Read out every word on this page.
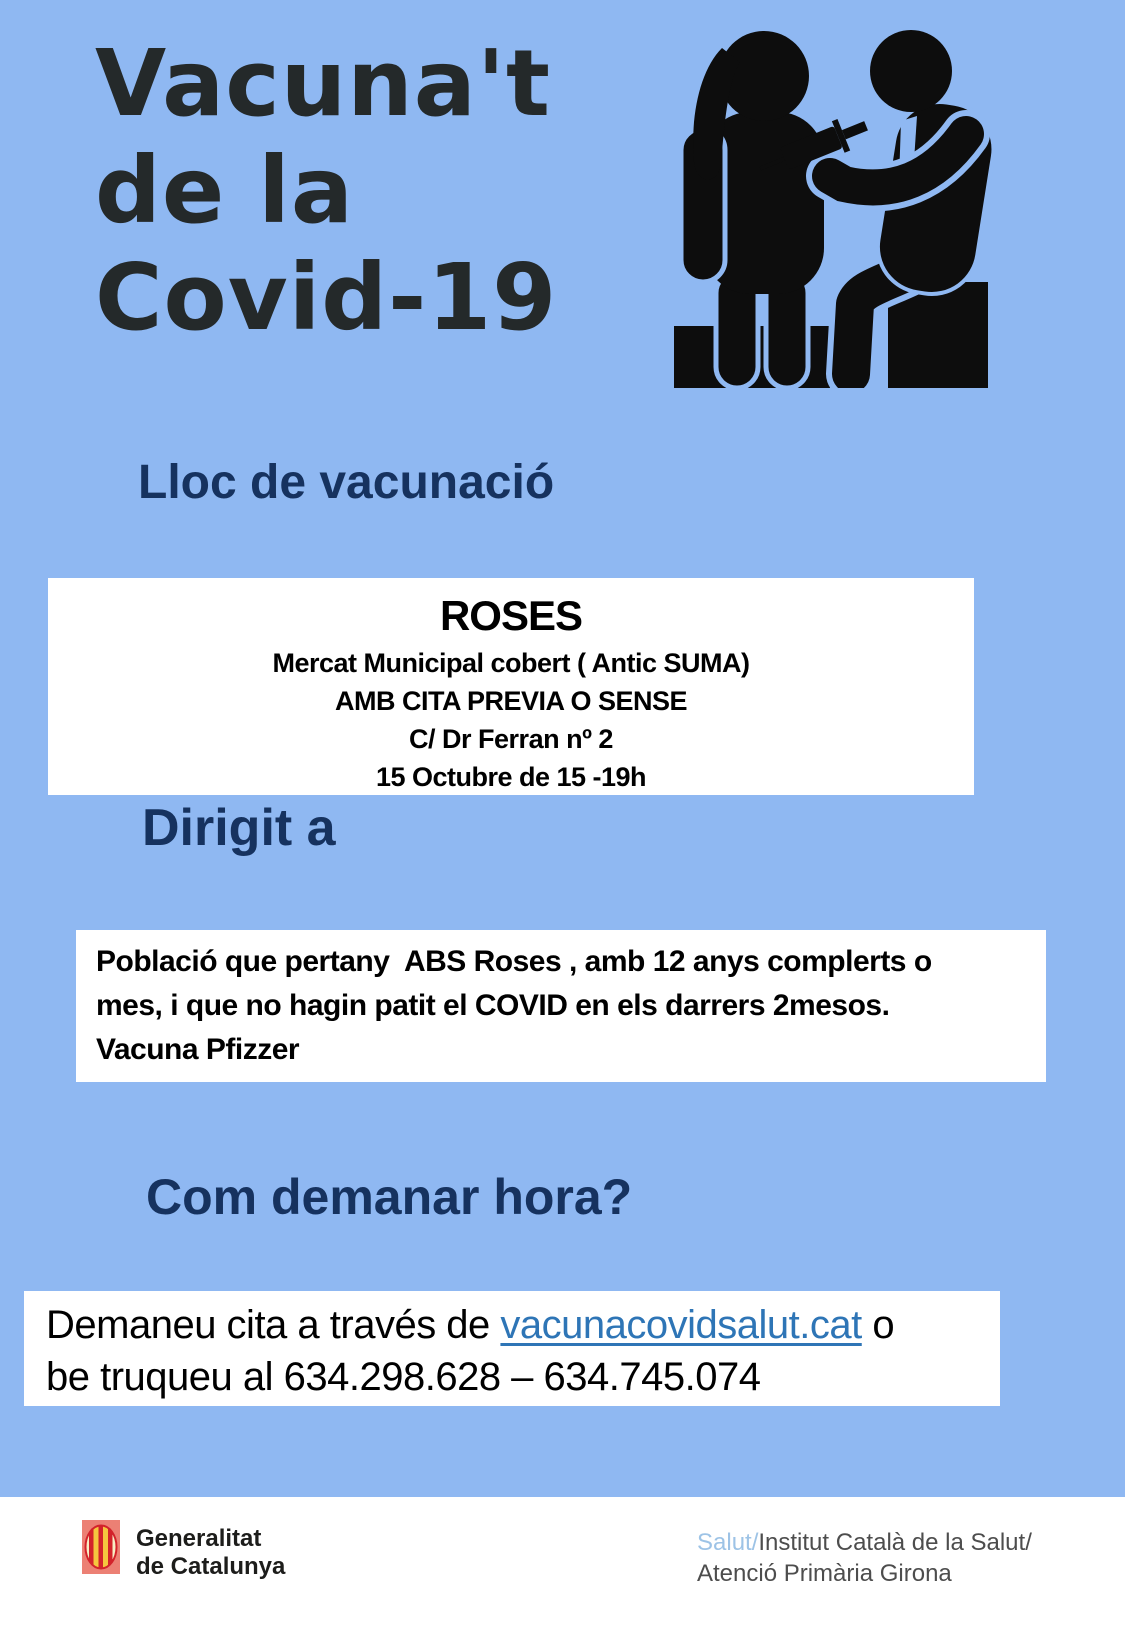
Vacuna't
de la
Covid-19
Lloc de vacunació
ROSES
Mercat Municipal cobert ( Antic SUMA)
AMB CITA PREVIA O SENSE
C/ Dr Ferran nº 2
15 Octubre de 15 -19h
Dirigit a
Població que pertany  ABS Roses , amb 12 anys complerts o
mes, i que no hagin patit el COVID en els darrers 2mesos.
Vacuna Pfizzer
Com demanar hora?
Demaneu cita a través de vacunacovidsalut.cat o
be truqueu al 634.298.628 – 634.745.074
Generalitat
de Catalunya
Salut/Institut Català de la Salut/
Atenció Primària Girona
